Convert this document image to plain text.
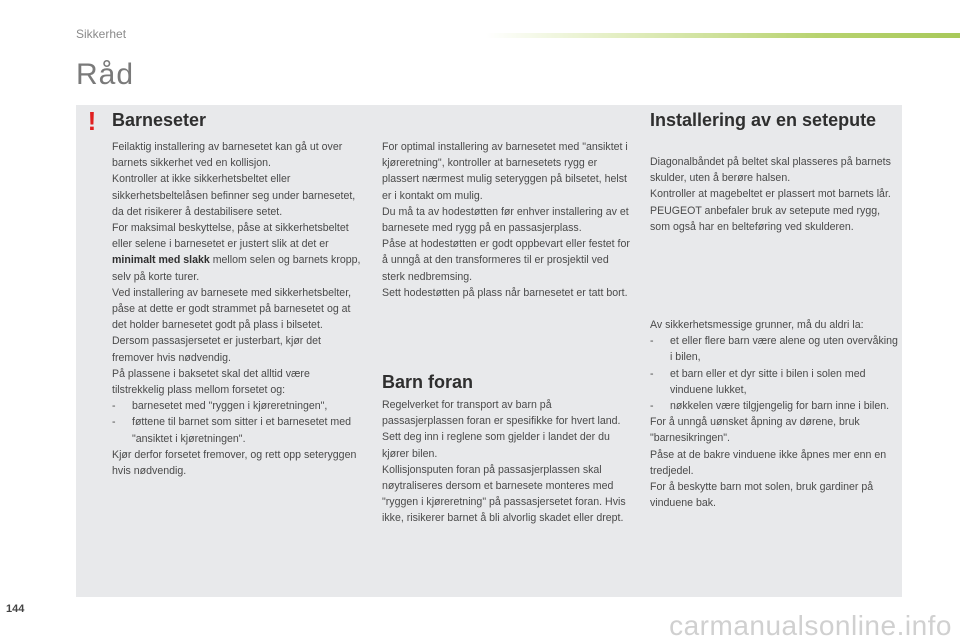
Sikkerhet
Råd
! Barneseter

Feilaktig installering av barnesetet kan gå ut over barnets sikkerhet ved en kollisjon.

Kontroller at ikke sikkerhetsbeltet eller sikkerhetsbeltelåsen befinner seg under barnesetet, da det risikerer å destabilisere setet.

For maksimal beskyttelse, påse at sikkerhetsbeltet eller selene i barnesetet er justert slik at det er minimalt med slakk mellom selen og barnets kropp, selv på korte turer.

Ved installering av barnesete med sikkerhetsbelter, påse at dette er godt strammet på barnesetet og at det holder barnesetet godt på plass i bilsetet. Dersom passasjersetet er justerbart, kjør det fremover hvis nødvendig.

På plassene i baksetet skal det alltid være tilstrekkelig plass mellom forsetet og:

- barnesetet med "ryggen i kjøreretningen",

- føttene til barnet som sitter i et barnesetet med "ansiktet i kjøretningen".

Kjør derfor forsetet fremover, og rett opp seteryggen hvis nødvendig.

For optimal installering av barnesetet med "ansiktet i kjøreretning", kontroller at barnesetets rygg er plassert nærmest mulig seteryggen på bilsetet, helst er i kontakt om mulig.

Du må ta av hodestøtten før enhver installering av et barnesete med rygg på en passasjerplass.

Påse at hodestøtten er godt oppbevart eller festet for å unngå at den transformeres til er prosjektil ved sterk nedbremsing.

Sett hodestøtten på plass når barnesetet er tatt bort.

Barn foran

Regelverket for transport av barn på passasjerplassen foran er spesifikke for hvert land. Sett deg inn i reglene som gjelder i landet der du kjører bilen.

Kollisjonsputen foran på passasjerplassen skal nøytraliseres dersom et barnesete monteres med "ryggen i kjøreretning" på passasjersetet foran. Hvis ikke, risikerer barnet å bli alvorlig skadet eller drept.

Installering av en setepute

Diagonalbåndet på beltet skal plasseres på barnets skulder, uten å berøre halsen.

Kontroller at magebeltet er plassert mot barnets lår.

PEUGEOT anbefaler bruk av setepute med rygg, som også har en belteføring ved skulderen.

Av sikkerhetsmessige grunner, må du aldri la:

- et eller flere barn være alene og uten overvåking i bilen,

- et barn eller et dyr sitte i bilen i solen med vinduene lukket,

- nøkkelen være tilgjengelig for barn inne i bilen.

For å unngå uønsket åpning av dørene, bruk "barnesikringen".

Påse at de bakre vinduene ikke åpnes mer enn en tredjedel.

For å beskytte barn mot solen, bruk gardiner på vinduene bak.

144
carmanualsonline.info
